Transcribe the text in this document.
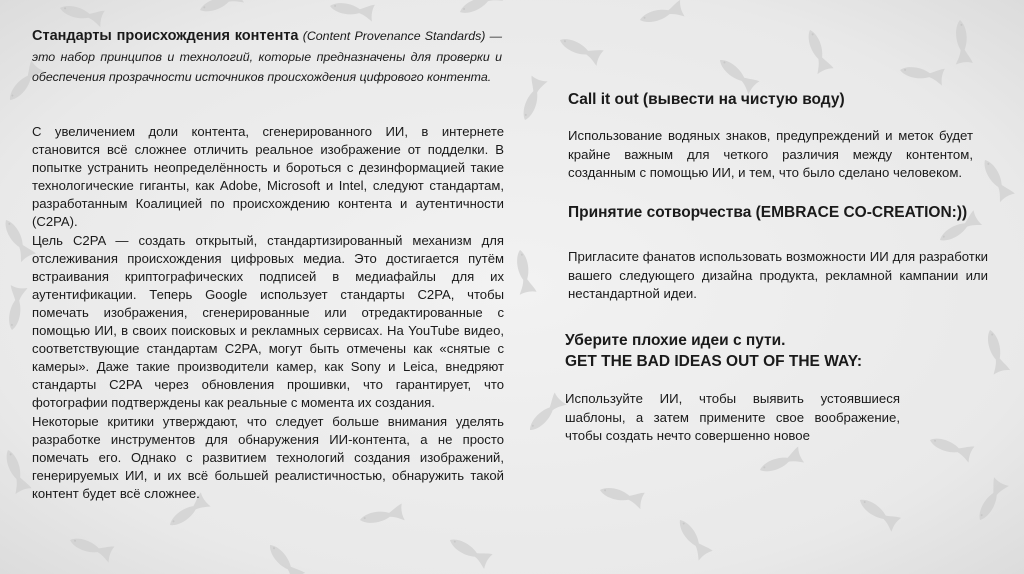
Стандарты происхождения контента (Content Provenance Standards) — это набор принципов и технологий, которые предназначены для проверки и обеспечения прозрачности источников происхождения цифрового контента.

С увеличением доли контента, сгенерированного ИИ, в интернете становится всё сложнее отличить реальное изображение от подделки. В попытке устранить неопределённость и бороться с дезинформацией такие технологические гиганты, как Adobe, Microsoft и Intel, следуют стандартам, разработанным Коалицией по происхождению контента и аутентичности (C2PA).

Цель C2PA — создать открытый, стандартизированный механизм для отслеживания происхождения цифровых медиа. Это достигается путём встраивания криптографических подписей в медиафайлы для их аутентификации. Теперь Google использует стандарты C2PA, чтобы помечать изображения, сгенерированные или отредактированные с помощью ИИ, в своих поисковых и рекламных сервисах. На YouTube видео, соответствующие стандартам C2PA, могут быть отмечены как «снятые с камеры». Даже такие производители камер, как Sony и Leica, внедряют стандарты C2PA через обновления прошивки, что гарантирует, что фотографии подтверждены как реальные с момента их создания.

Некоторые критики утверждают, что следует больше внимания уделять разработке инструментов для обнаружения ИИ-контента, а не просто помечать его. Однако с развитием технологий создания изображений, генерируемых ИИ, и их всё большей реалистичностью, обнаружить такой контент будет всё сложнее.

Call it out (вывести на чистую воду)

Использование водяных знаков, предупреждений и меток будет крайне важным для четкого различия между контентом, созданным с помощью ИИ, и тем, что было сделано человеком.

Принятие сотворчества (EMBRACE CO-CREATION:))

Пригласите фанатов использовать возможности ИИ для разработки вашего следующего дизайна продукта, рекламной кампании или нестандартной идеи.

Уберите плохие идеи с пути.
GET THE BAD IDEAS OUT OF THE WAY:

Используйте ИИ, чтобы выявить устоявшиеся шаблоны, а затем примените свое воображение, чтобы создать нечто совершенно новое
